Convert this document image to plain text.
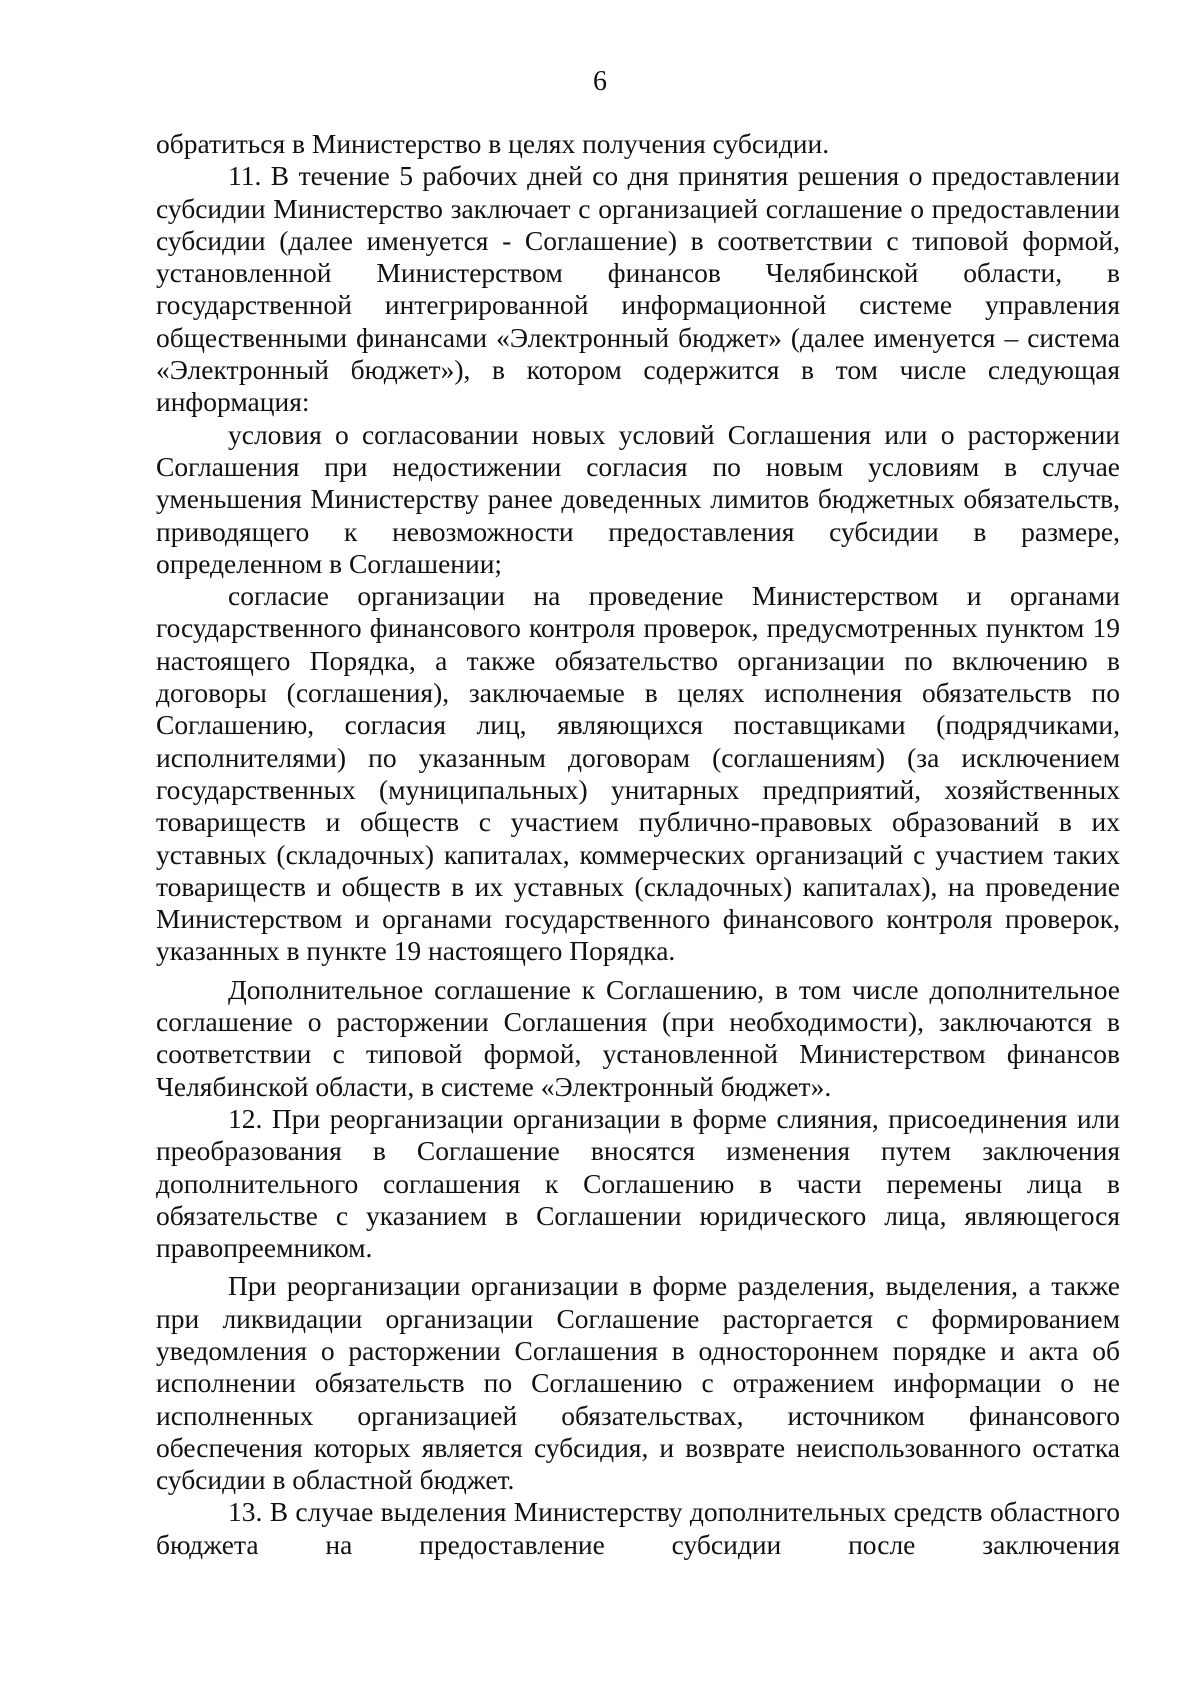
6

обратиться в Министерство в целях получения субсидии.

11. В течение 5 рабочих дней со дня принятия решения о предоставлении субсидии Министерство заключает с организацией соглашение о предоставлении субсидии (далее именуется - Соглашение) в соответствии с типовой формой, установленной Министерством финансов Челябинской области, в государственной интегрированной информационной системе управления общественными финансами «Электронный бюджет» (далее именуется – система «Электронный бюджет»), в котором содержится в том числе следующая информация:

условия о согласовании новых условий Соглашения или о расторжении Соглашения при недостижении согласия по новым условиям в случае уменьшения Министерству ранее доведенных лимитов бюджетных обязательств, приводящего к невозможности предоставления субсидии в размере, определенном в Соглашении;

согласие организации на проведение Министерством и органами государственного финансового контроля проверок, предусмотренных пунктом 19 настоящего Порядка, а также обязательство организации по включению в договоры (соглашения), заключаемые в целях исполнения обязательств по Соглашению, согласия лиц, являющихся поставщиками (подрядчиками, исполнителями) по указанным договорам (соглашениям) (за исключением государственных (муниципальных) унитарных предприятий, хозяйственных товариществ и обществ с участием публично-правовых образований в их уставных (складочных) капиталах, коммерческих организаций с участием таких товариществ и обществ в их уставных (складочных) капиталах), на проведение Министерством и органами государственного финансового контроля проверок, указанных в пункте 19 настоящего Порядка.

Дополнительное соглашение к Соглашению, в том числе дополнительное соглашение о расторжении Соглашения (при необходимости), заключаются в соответствии с типовой формой, установленной Министерством финансов Челябинской области, в системе «Электронный бюджет».

12. При реорганизации организации в форме слияния, присоединения или преобразования в Соглашение вносятся изменения путем заключения дополнительного соглашения к Соглашению в части перемены лица в обязательстве с указанием в Соглашении юридического лица, являющегося правопреемником.

При реорганизации организации в форме разделения, выделения, а также при ликвидации организации Соглашение расторгается с формированием уведомления о расторжении Соглашения в одностороннем порядке и акта об исполнении обязательств по Соглашению с отражением информации о не исполненных организацией обязательствах, источником финансового обеспечения которых является субсидия, и возврате неиспользованного остатка субсидии в областной бюджет.

13. В случае выделения Министерству дополнительных средств областного бюджета на предоставление субсидии после заключения
